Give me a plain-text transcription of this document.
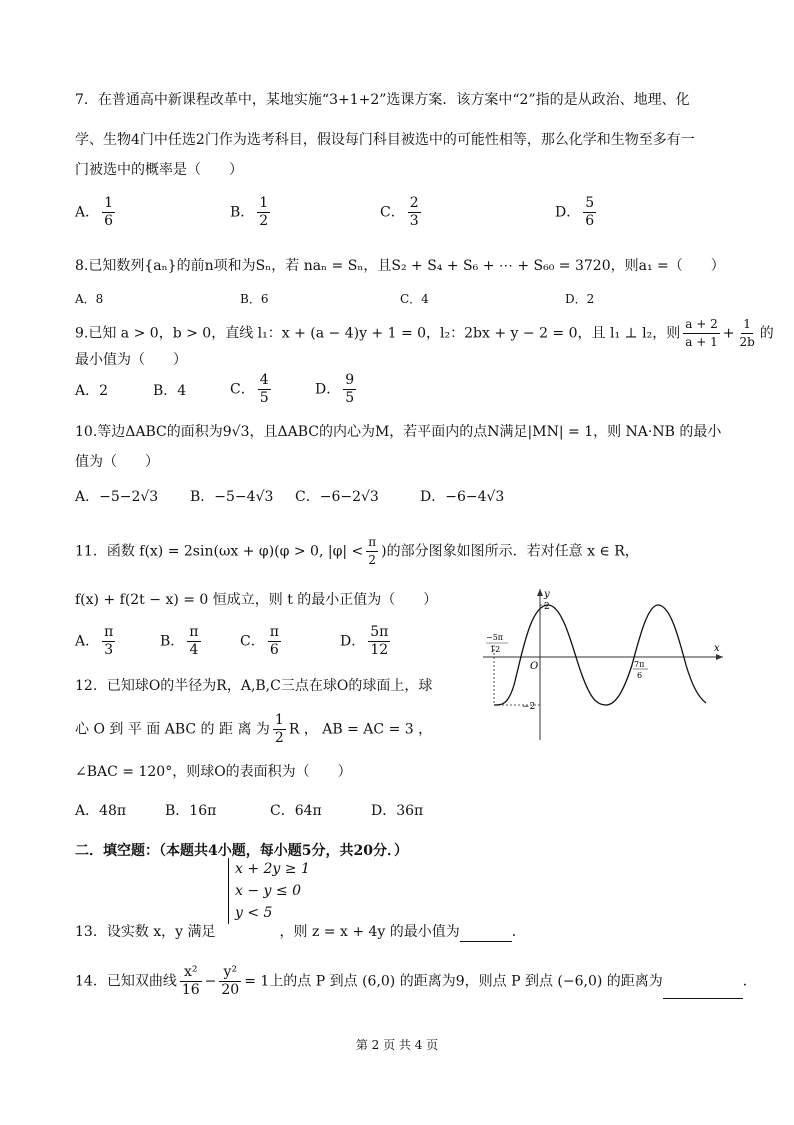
7．在普通高中新课程改革中，某地实施“3+1+2”选课方案．该方案中“2”指的是从政治、地理、化

学、生物4门中任选2门作为选考科目，假设每门科目被选中的可能性相等，那么化学和生物至多有一

门被选中的概率是（　　）

A． $\frac{1}{6}$	B． $\frac{1}{2}$	C． $\frac{2}{3}$	D． $\frac{5}{6}$

8.已知数列{aₙ}的前n项和为Sₙ，若 naₙ = Sₙ，且S₂ + S₄ + S₆ + ⋯ + S₆₀ = 3720，则a₁ =（　　）

A．8	B．6	C．4	D．2

9.已知 a > 0，b > 0，直线 l₁：x + (a − 4)y + 1 = 0，l₂：2bx + y − 2 = 0，且 l₁ ⊥ l₂，则 $\frac{a + 2}{a + 1} + \frac{1}{2b}$ 的

最小值为（　　）

A．2	B．4	C． $\frac{4}{5}$	D． $\frac{9}{5}$

10.等边ΔABC的面积为9√3，且ΔABC的内心为M，若平面内的点N满足|MN| = 1，则 NA·NB 的最小

值为（　　）

A．−5−2√3 B．−5−4√3 C．−6−2√3	D．−6−4√3

11．函数 f(x) = 2sin(ωx + φ)(φ > 0, $|\varphi| < \frac{\pi}{2}$ )的部分图象如图所示．若对任意 x ∈ R，

f(x) + f(2t − x) = 0 恒成立，则 t 的最小正值为（　　）

A． $\frac{\pi}{3}$	B． $\frac{\pi}{4}$	C． $\frac{\pi}{6}$	D． $\frac{5\pi}{12}$
y
x
O
2
−2
−5π
12
7π
6

12．已知球O的半径为R，A,B,C三点在球O的球面上，球

心 O 到 平 面 ABC 的 距 离 为 $\frac{1}{2}$ R ， AB = AC = 3 ，

∠BAC = 120°，则球O的表面积为（　　）

A．48π	B．16π	C．64π	D．36π
二．填空题：（本题共4小题，每小题5分，共20分．）
x + 2y ≥ 1
x − y ≤ 0
y < 5

13．设实数 x，y 满足	，则 z = x + 4y 的最小值为	．

14．已知双曲线 $\frac{\text{x²}}{16} - \frac{\text{y²}}{20} = 1$上的点 P 到点 (6,0) 的距离为9，则点 P 到点 (−6,0) 的距离为	．

第 2 页 共 4 页
